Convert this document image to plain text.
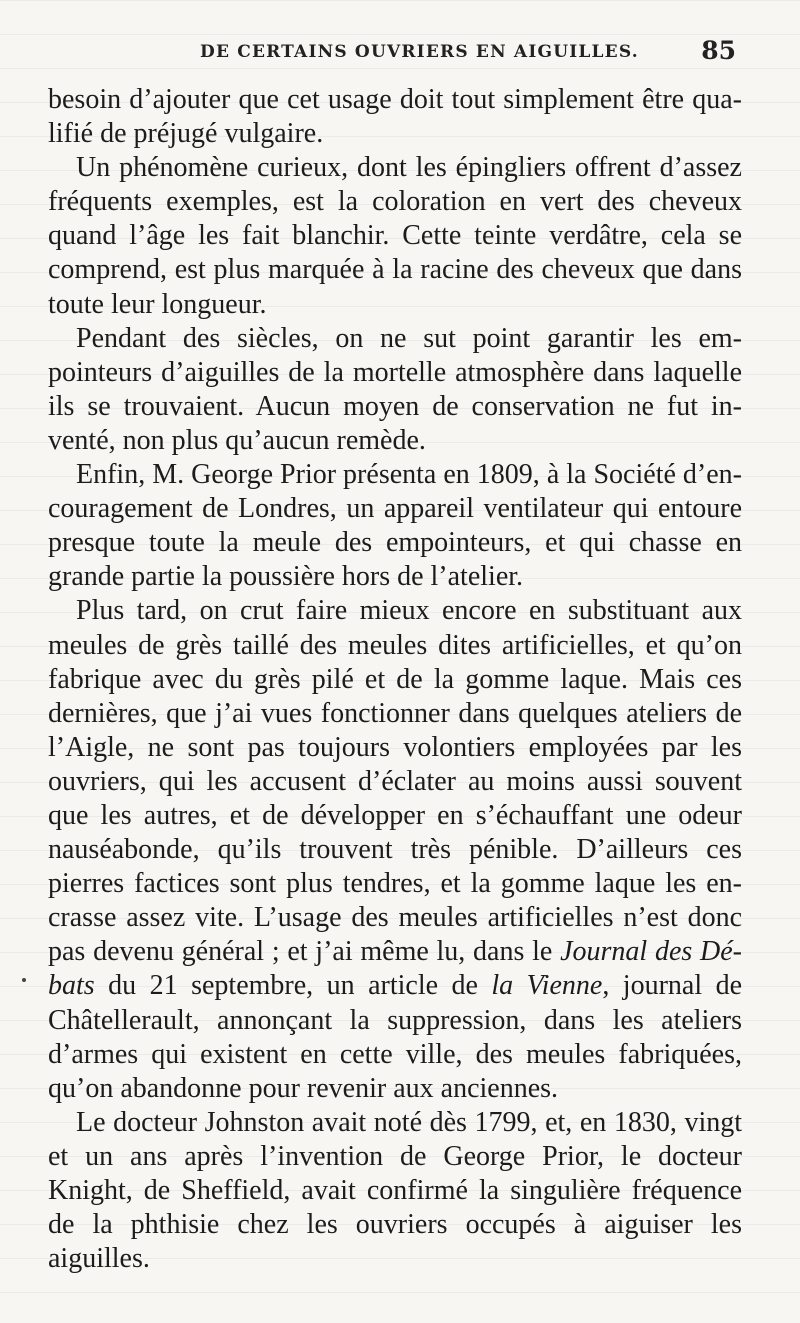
DE CERTAINS OUVRIERS EN AIGUILLES. 85

besoin d’ajouter que cet usage doit tout simplement être qua-lifié de préjugé vulgaire.

Un phénomène curieux, dont les épingliers offrent d’assez fréquents exemples, est la coloration en vert des cheveux quand l’âge les fait blanchir. Cette teinte verdâtre, cela se comprend, est plus marquée à la racine des cheveux que dans toute leur longueur.

Pendant des siècles, on ne sut point garantir les em-pointeurs d’aiguilles de la mortelle atmosphère dans laquelle ils se trouvaient. Aucun moyen de conservation ne fut in-venté, non plus qu’aucun remède.

Enfin, M. George Prior présenta en 1809, à la Société d’en-couragement de Londres, un appareil ventilateur qui entoure presque toute la meule des empointeurs, et qui chasse en grande partie la poussière hors de l’atelier.

Plus tard, on crut faire mieux encore en substituant aux meules de grès taillé des meules dites artificielles, et qu’on fabrique avec du grès pilé et de la gomme laque. Mais ces dernières, que j’ai vues fonctionner dans quelques ateliers de l’Aigle, ne sont pas toujours volontiers employées par les ouvriers, qui les accusent d’éclater au moins aussi souvent que les autres, et de développer en s’échauffant une odeur nauséabonde, qu’ils trouvent très pénible. D’ailleurs ces pierres factices sont plus tendres, et la gomme laque les en-crasse assez vite. L’usage des meules artificielles n’est donc pas devenu général ; et j’ai même lu, dans le Journal des Dé-bats du 21 septembre, un article de la Vienne, journal de Châtellerault, annonçant la suppression, dans les ateliers d’armes qui existent en cette ville, des meules fabriquées, qu’on abandonne pour revenir aux anciennes.

Le docteur Johnston avait noté dès 1799, et, en 1830, vingt et un ans après l’invention de George Prior, le docteur Knight, de Sheffield, avait confirmé la singulière fréquence de la phthisie chez les ouvriers occupés à aiguiser les aiguilles.
